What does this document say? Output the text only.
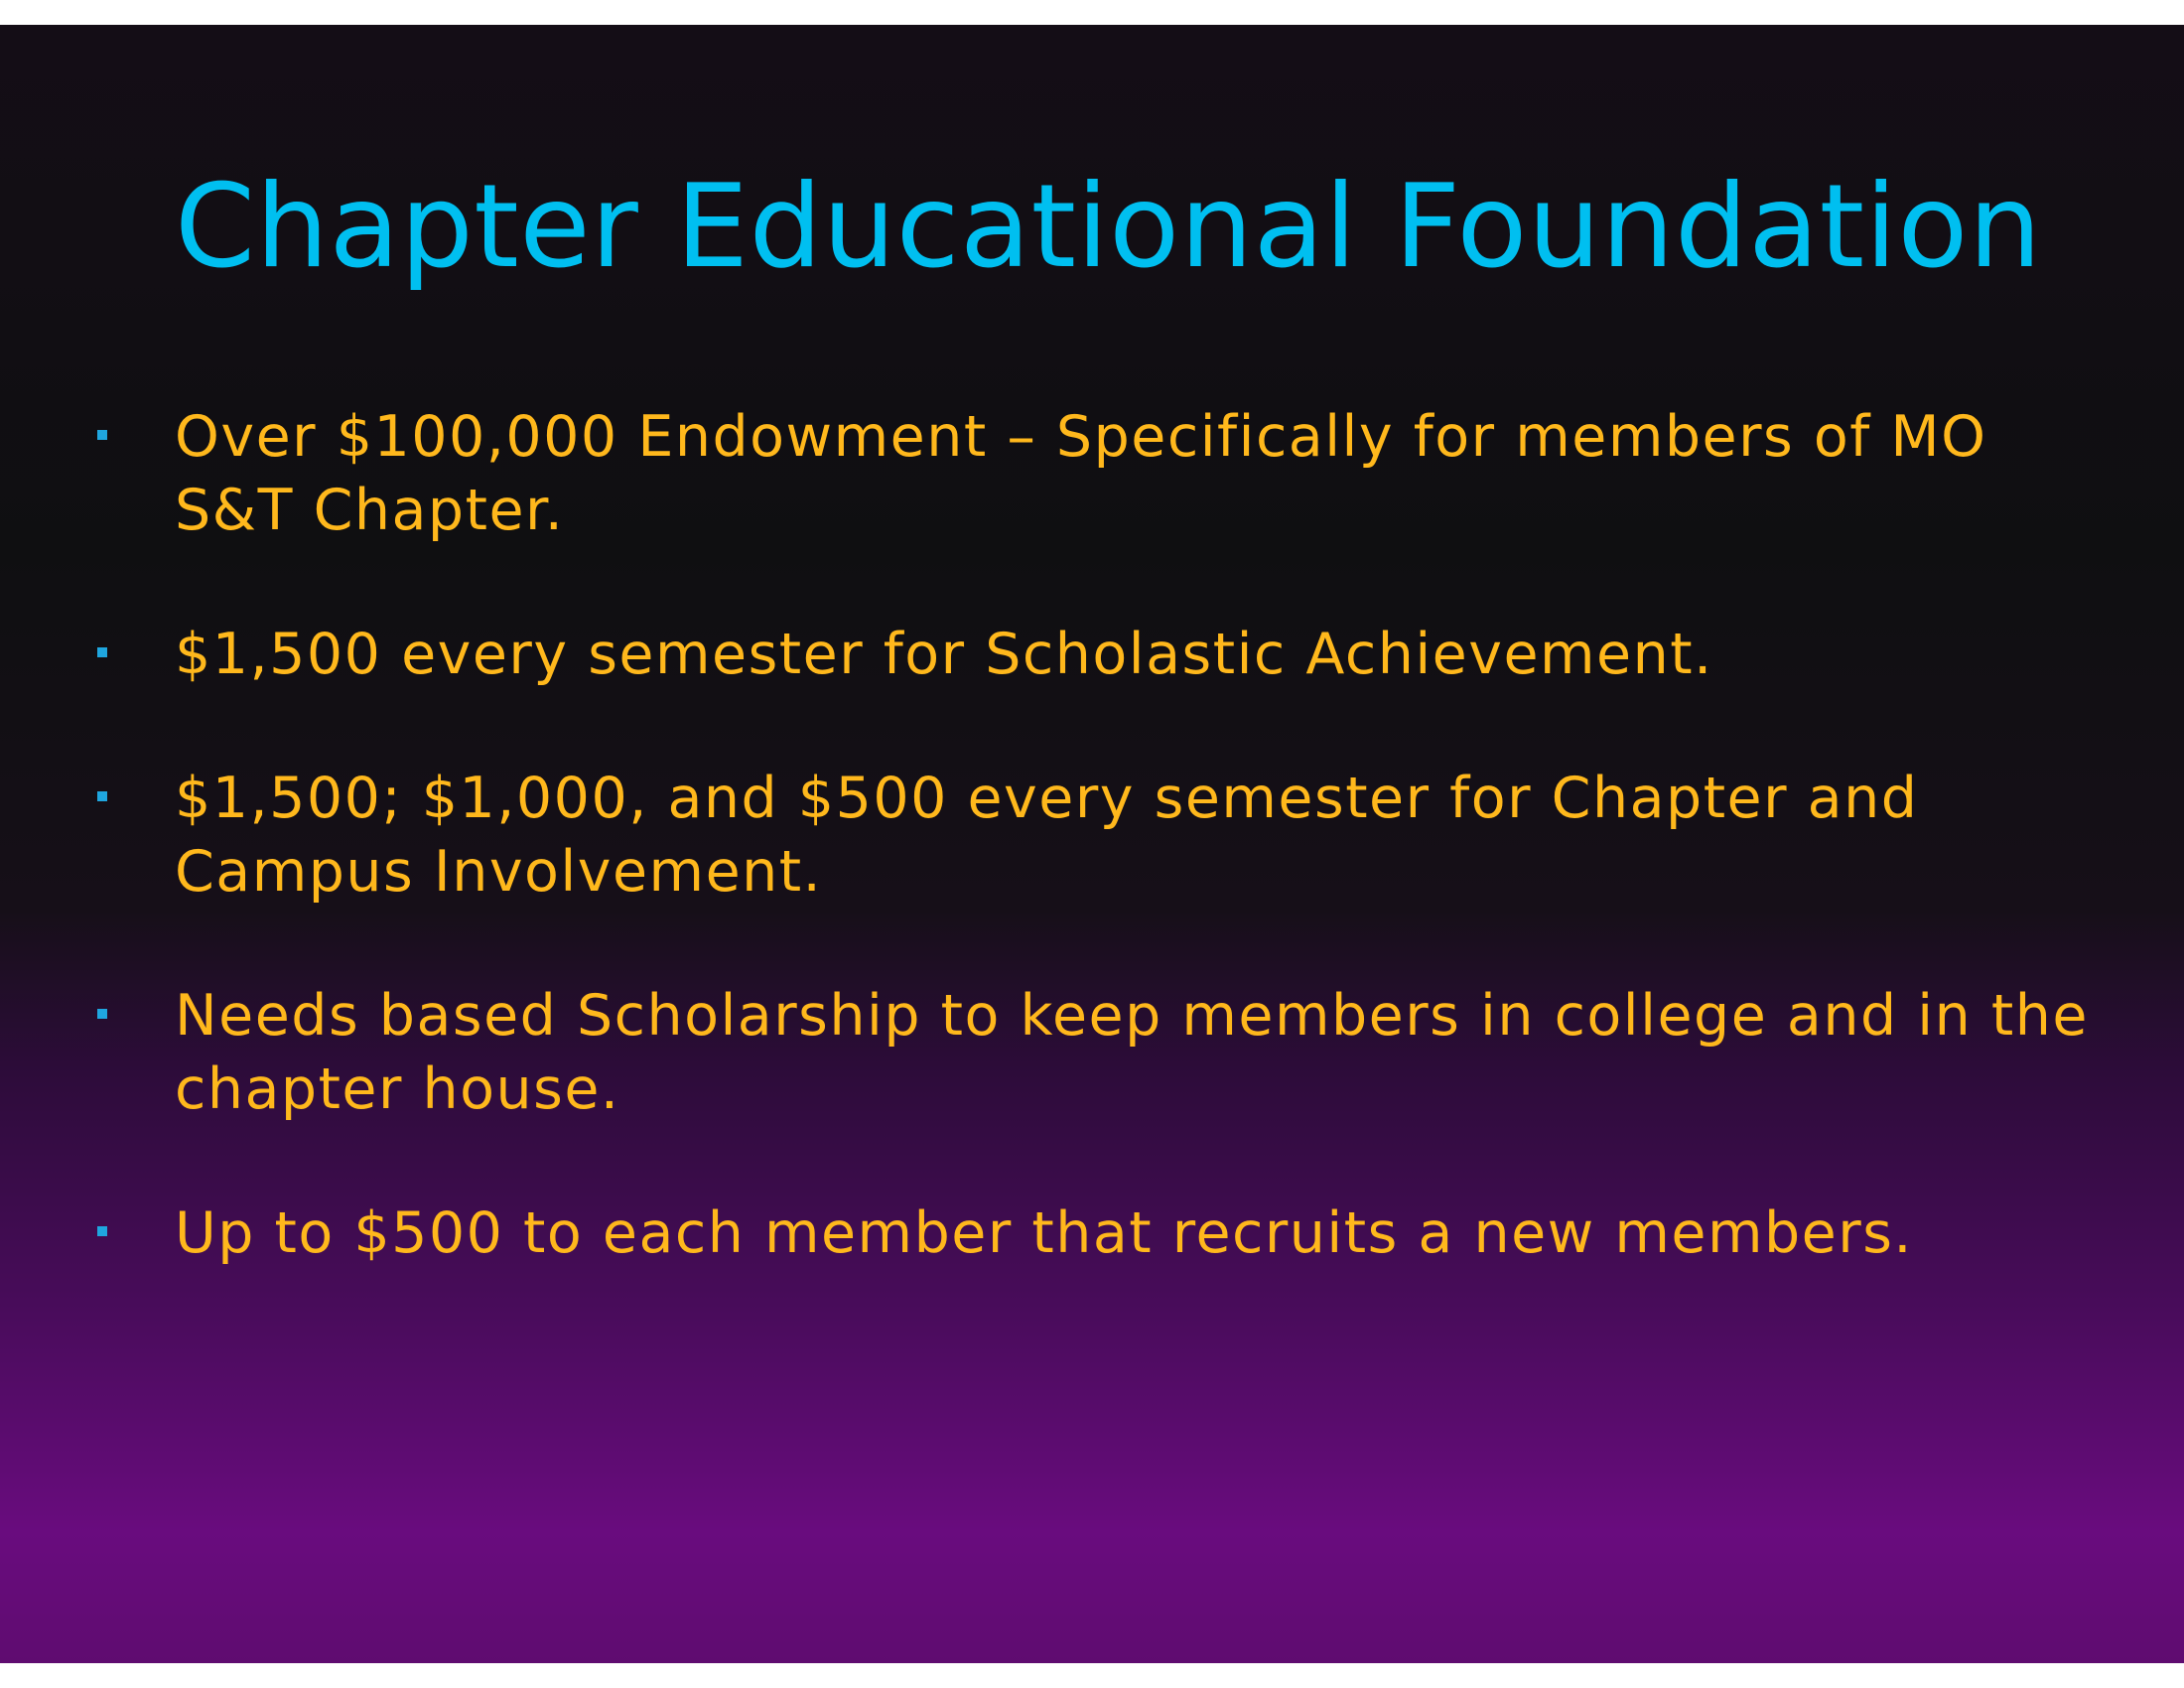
Chapter Educational Foundation
Over $100,000 Endowment – Specifically for members of MO S&T Chapter.
$1,500 every semester for Scholastic Achievement.
$1,500; $1,000, and $500 every semester for Chapter and Campus Involvement.
Needs based Scholarship to keep members in college and in the chapter house.
Up to $500 to each member that recruits a new members.
